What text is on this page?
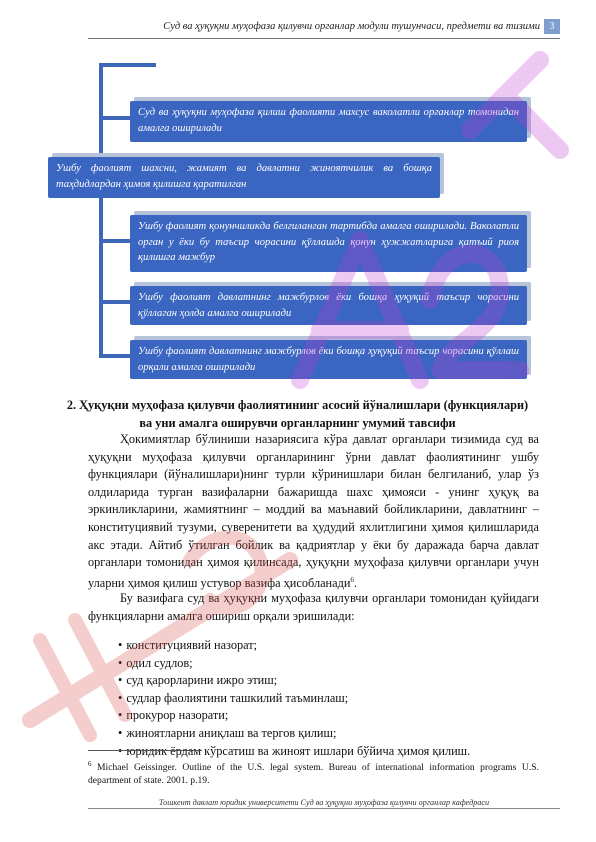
Суд ва ҳуқуқни муҳофаза қилувчи органлар модули тушунчаси, предмети ва тизими 3
Суд ва ҳуқуқни муҳофаза қилиш фаолияти махсус ваколатли органлар томонидан амалга оширилади
Ушбу фаолият шахсни, жамият ва давлатни жиноятчилик ва бошқа таҳдидлардан ҳимоя қилишга қаратилган
Ушбу фаолият қонунчиликда белгиланган тартибда амалга оширилади. Ваколатли орган у ёки бу таъсир чорасини қўллашда қонун ҳужжатларига қатъий риоя қилишга мажбур
Ушбу фаолият давлатнинг мажбурлов ёки бошқа ҳуқуқий таъсир чорасини қўллаган ҳолда амалга оширилади
Ушбу фаолият давлатнинг мажбурлов ёки бошқа ҳуқуқий таъсир чорасини қўллаш орқали амалга оширилади
2. Ҳуқуқни муҳофаза қилувчи фаолиятининг асосий йўналишлари (функциялари) ва уни амалга оширувчи органларнинг умумий тавсифи
Ҳокимиятлар бўлиниши назариясига кўра давлат органлари тизимида суд ва ҳуқуқни муҳофаза қилувчи органларининг ўрни давлат фаолиятининг ушбу функциялари (йўналишлари)нинг турли кўринишлари билан белгиланиб, улар ўз олдиларида турган вазифаларни бажаришда шахс ҳимояси - унинг ҳуқуқ ва эркинликларини, жамиятнинг – моддий ва маънавий бойликларини, давлатнинг – конституциявий тузуми, суверенитети ва ҳудудий яхлитлигини ҳимоя қилишларида акс этади. Айтиб ўтилган бойлик ва қадриятлар у ёки бу даражада барча давлат органлари томонидан ҳимоя қилинсада, ҳуқуқни муҳофаза қилувчи органлари учун уларни ҳимоя қилиш устувор вазифа ҳисобланади$^6$.
Бу вазифага суд ва ҳуқуқни муҳофаза қилувчи органлари томонидан қуйидаги функцияларни амалга ошириш орқали эришилади:
• конституциявий назорат;
• одил судлов;
• суд қарорларини ижро этиш;
• судлар фаолиятини ташкилий таъминлаш;
• прокурор назорати;
• жиноятларни аниқлаш ва тергов қилиш;
• юридик ёрдам кўрсатиш ва жиноят ишлари бўйича ҳимоя қилиш.
$^6$ Michael Geissinger. Outline of the U.S. legal system. Bureau of international information programs U.S. department of state. 2001. p.19.
Тошкент давлат юридик университети Суд ва ҳуқуқни муҳофаза қилувчи органлар кафедраси
